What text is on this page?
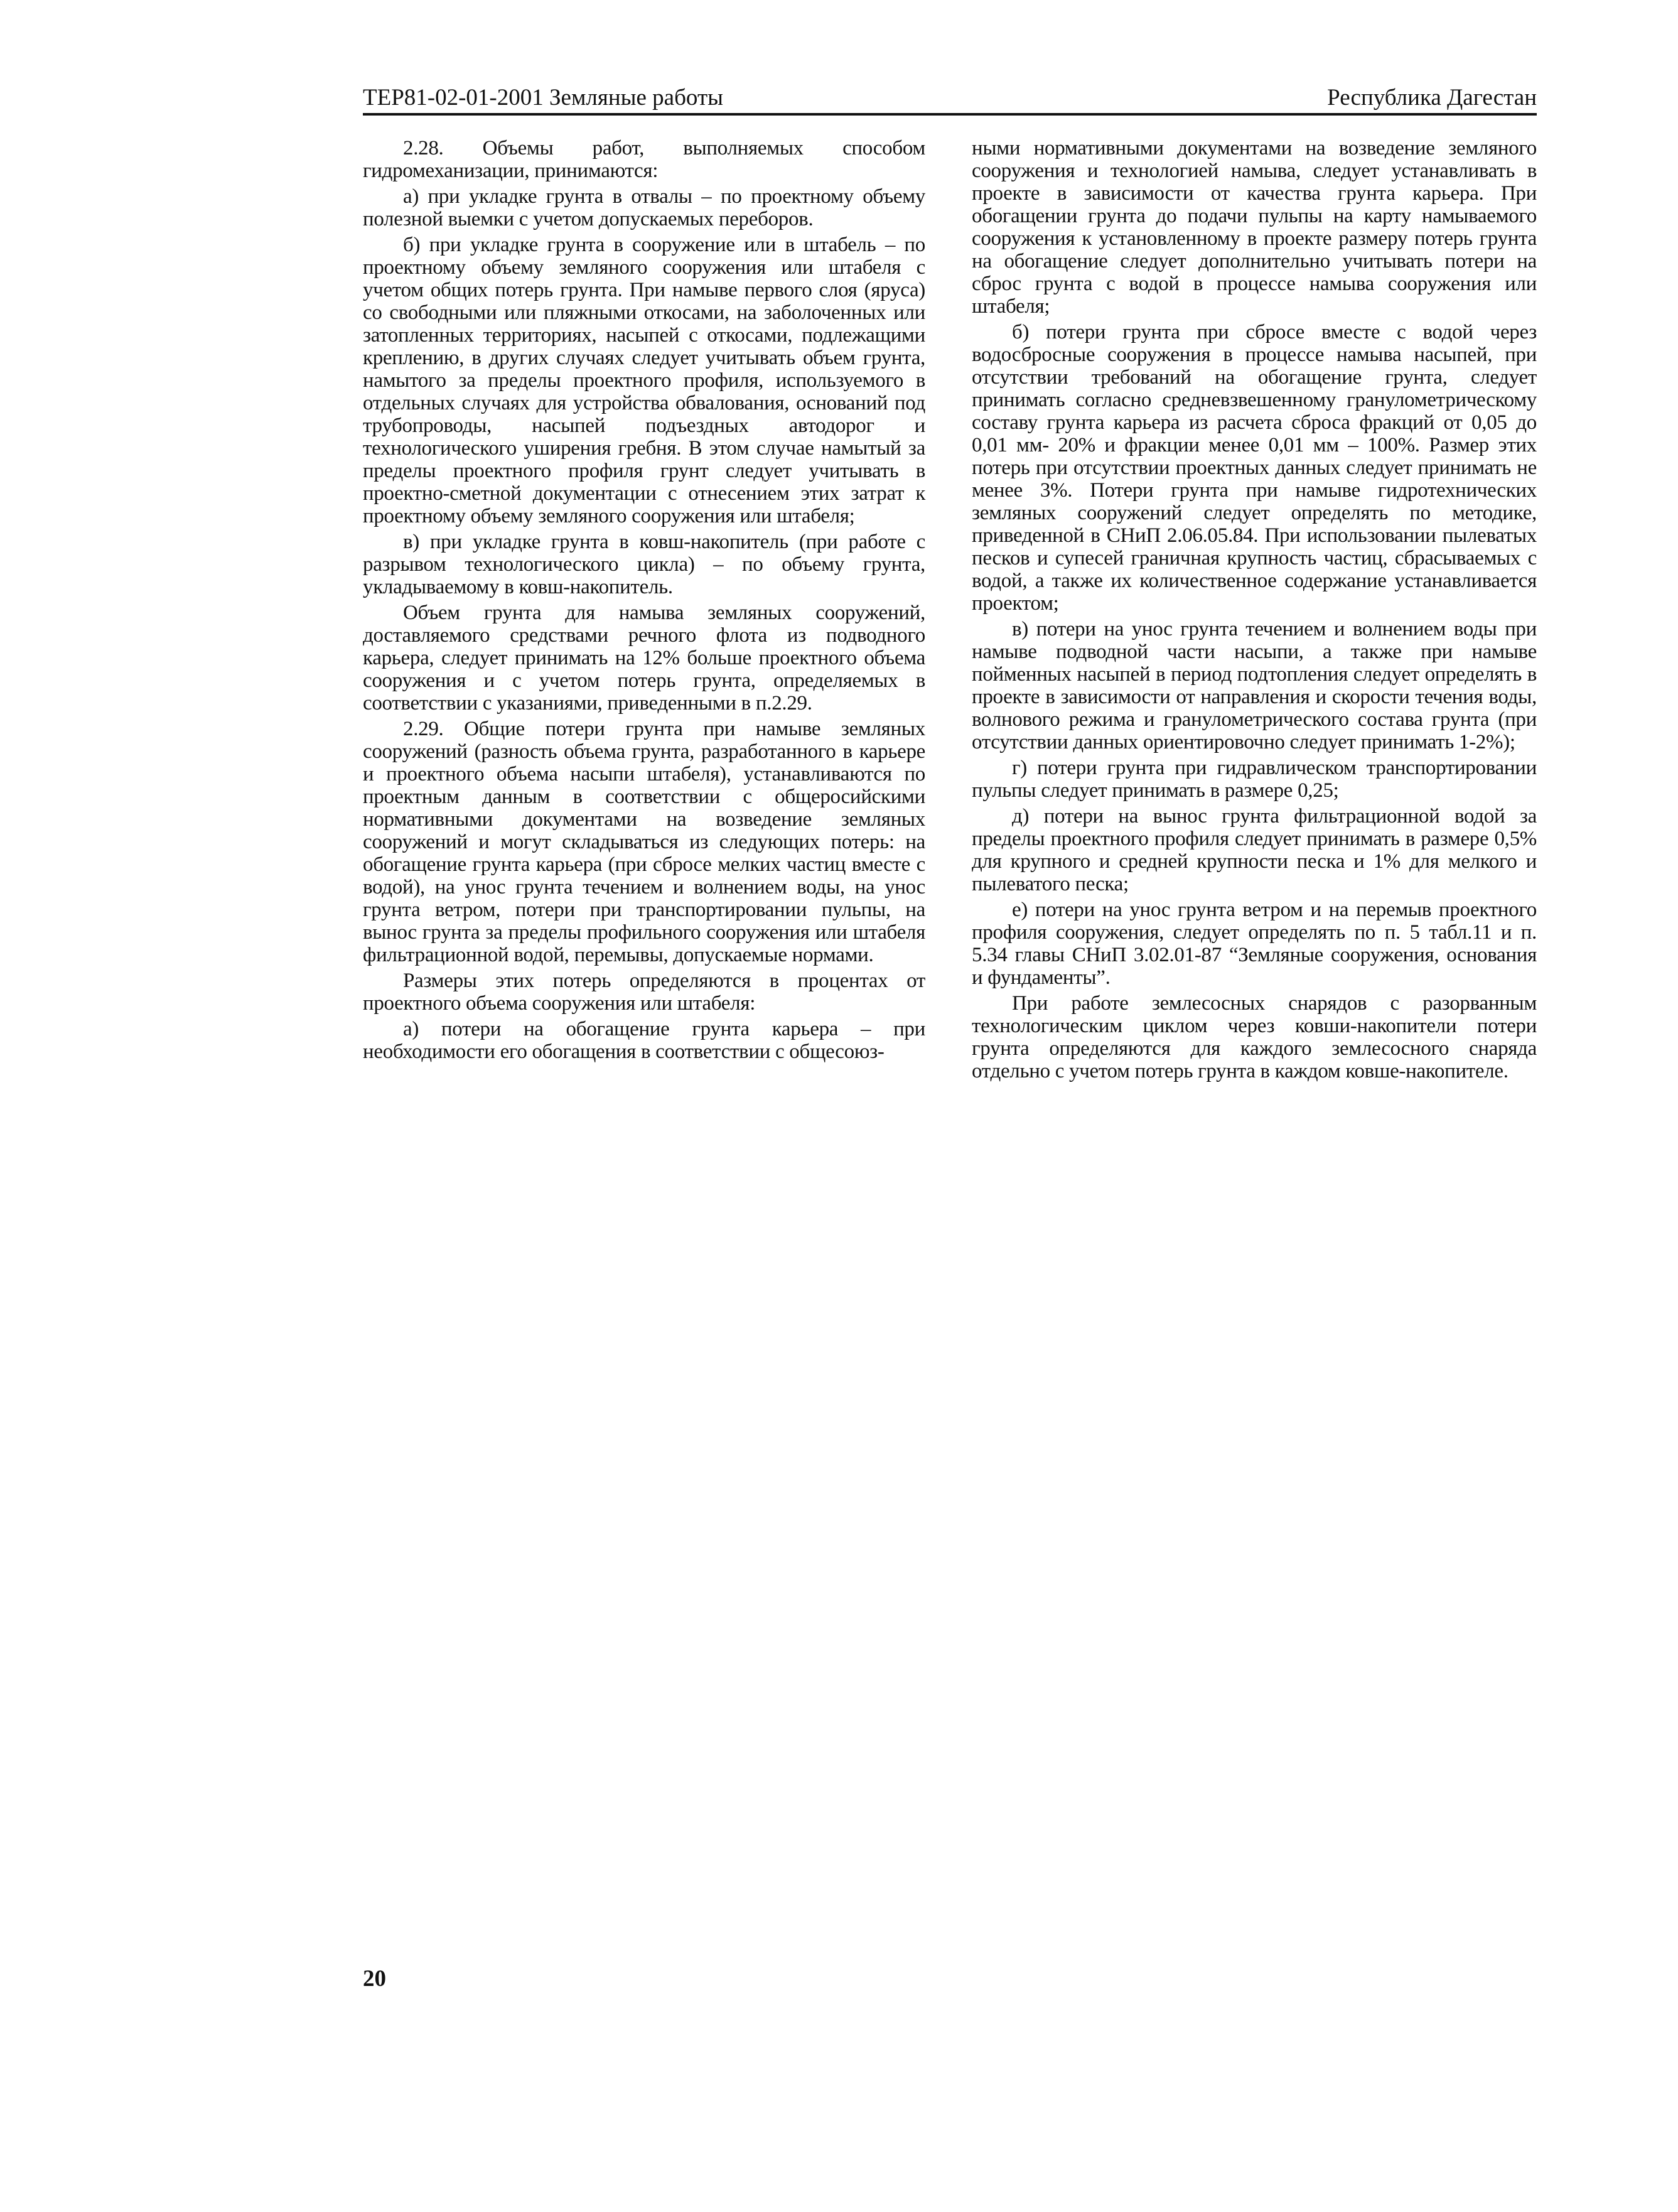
ТЕР81-02-01-2001 Земляные работы	Республика Дагестан

2.28. Объемы работ, выполняемых способом гидромеханизации, принимаются:

а) при укладке грунта в отвалы – по проектному объему полезной выемки с учетом допускаемых переборов.

б) при укладке грунта в сооружение или в штабель – по проектному объему земляного сооружения или штабеля с учетом общих потерь грунта. При намыве первого слоя (яруса) со свободными или пляжными откосами, на заболоченных или затопленных территориях, насыпей с откосами, подлежащими креплению, в других случаях следует учитывать объем грунта, намытого за пределы проектного профиля, используемого в отдельных случаях для устройства обвалования, оснований под трубопроводы, насыпей подъездных автодорог и технологического уширения гребня. В этом случае намытый за пределы проектного профиля грунт следует учитывать в проектно-сметной документации с отнесением этих затрат к проектному объему земляного сооружения или штабеля;

в) при укладке грунта в ковш-накопитель (при работе с разрывом технологического цикла) – по объему грунта, укладываемому в ковш-накопитель.

Объем грунта для намыва земляных сооружений, доставляемого средствами речного флота из подводного карьера, следует принимать на 12% больше проектного объема сооружения и с учетом потерь грунта, определяемых в соответствии с указаниями, приведенными в п.2.29.

2.29. Общие потери грунта при намыве земляных сооружений (разность объема грунта, разработанного в карьере и проектного объема насыпи штабеля), устанавливаются по проектным данным в соответствии с общеросийскими нормативными документами на возведение земляных сооружений и могут складываться из следующих потерь: на обогащение грунта карьера (при сбросе мелких частиц вместе с водой), на унос грунта течением и волнением воды, на унос грунта ветром, потери при транспортировании пульпы, на вынос грунта за пределы профильного сооружения или штабеля фильтрационной водой, перемывы, допускаемые нормами.

Размеры этих потерь определяются в процентах от проектного объема сооружения или штабеля:

а) потери на обогащение грунта карьера – при необходимости его обогащения в соответствии с общесоюз-

ными нормативными документами на возведение земляного сооружения и технологией намыва, следует устанавливать в проекте в зависимости от качества грунта карьера. При обогащении грунта до подачи пульпы на карту намываемого сооружения к установленному в проекте размеру потерь грунта на обогащение следует дополнительно учитывать потери на сброс грунта с водой в процессе намыва сооружения или штабеля;

б) потери грунта при сбросе вместе с водой через водосбросные сооружения в процессе намыва насыпей, при отсутствии требований на обогащение грунта, следует принимать согласно средневзвешенному гранулометрическому составу грунта карьера из расчета сброса фракций от 0,05 до 0,01 мм- 20% и фракции менее 0,01 мм – 100%. Размер этих потерь при отсутствии проектных данных следует принимать не менее 3%. Потери грунта при намыве гидротехнических земляных сооружений следует определять по методике, приведенной в СНиП 2.06.05.84. При использовании пылеватых песков и супесей граничная крупность частиц, сбрасываемых с водой, а также их количественное содержание устанавливается проектом;

в) потери на унос грунта течением и волнением воды при намыве подводной части насыпи, а также при намыве пойменных насыпей в период подтопления следует определять в проекте в зависимости от направления и скорости течения воды, волнового режима и гранулометрического состава грунта (при отсутствии данных ориентировочно следует принимать 1-2%);

г) потери грунта при гидравлическом транспортировании пульпы следует принимать в размере 0,25;

д) потери на вынос грунта фильтрационной водой за пределы проектного профиля следует принимать в размере 0,5% для крупного и средней крупности песка и 1% для мелкого и пылеватого песка;

е) потери на унос грунта ветром и на перемыв проектного профиля сооружения, следует определять по п. 5 табл.11 и п. 5.34 главы СНиП 3.02.01-87 “Земляные сооружения, основания и фундаменты”.

При работе землесосных снарядов с разорванным технологическим циклом через ковши-накопители потери грунта определяются для каждого землесосного снаряда отдельно с учетом потерь грунта в каждом ковше-накопителе.

20
